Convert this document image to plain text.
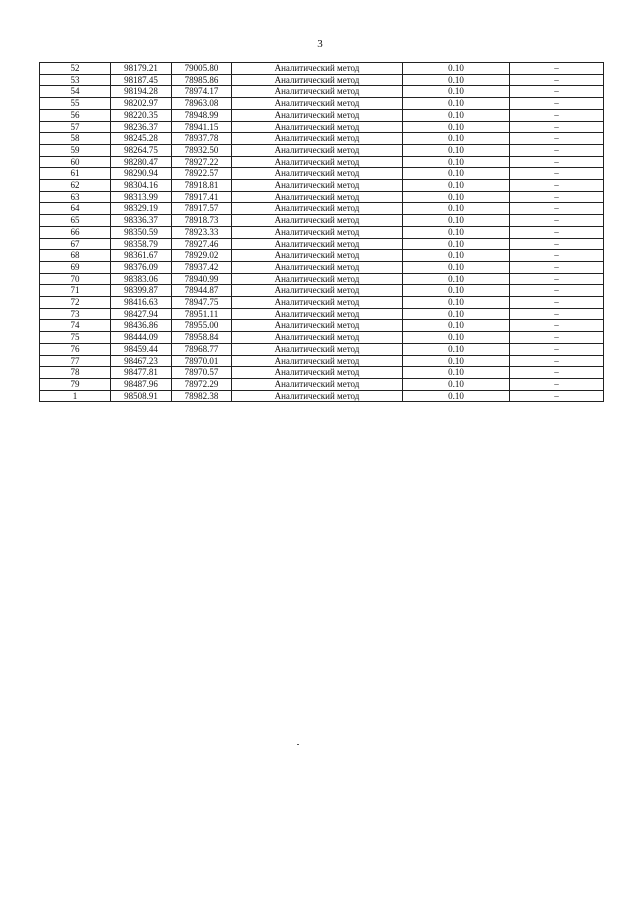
3
52	98179.21	79005.80	Аналитический метод	0.10	–
53	98187.45	78985.86	Аналитический метод	0.10	–
54	98194.28	78974.17	Аналитический метод	0.10	–
55	98202.97	78963.08	Аналитический метод	0.10	–
56	98220.35	78948.99	Аналитический метод	0.10	–
57	98236.37	78941.15	Аналитический метод	0.10	–
58	98245.28	78937.78	Аналитический метод	0.10	–
59	98264.75	78932.50	Аналитический метод	0.10	–
60	98280.47	78927.22	Аналитический метод	0.10	–
61	98290.94	78922.57	Аналитический метод	0.10	–
62	98304.16	78918.81	Аналитический метод	0.10	–
63	98313.99	78917.41	Аналитический метод	0.10	–
64	98329.19	78917.57	Аналитический метод	0.10	–
65	98336.37	78918.73	Аналитический метод	0.10	–
66	98350.59	78923.33	Аналитический метод	0.10	–
67	98358.79	78927.46	Аналитический метод	0.10	–
68	98361.67	78929.02	Аналитический метод	0.10	–
69	98376.09	78937.42	Аналитический метод	0.10	–
70	98383.06	78940.99	Аналитический метод	0.10	–
71	98399.87	78944.87	Аналитический метод	0.10	–
72	98416.63	78947.75	Аналитический метод	0.10	–
73	98427.94	78951.11	Аналитический метод	0.10	–
74	98436.86	78955.00	Аналитический метод	0.10	–
75	98444.09	78958.84	Аналитический метод	0.10	–
76	98459.44	78968.77	Аналитический метод	0.10	–
77	98467.23	78970.01	Аналитический метод	0.10	–
78	98477.81	78970.57	Аналитический метод	0.10	–
79	98487.96	78972.29	Аналитический метод	0.10	–
1	98508.91	78982.38	Аналитический метод	0.10	–
